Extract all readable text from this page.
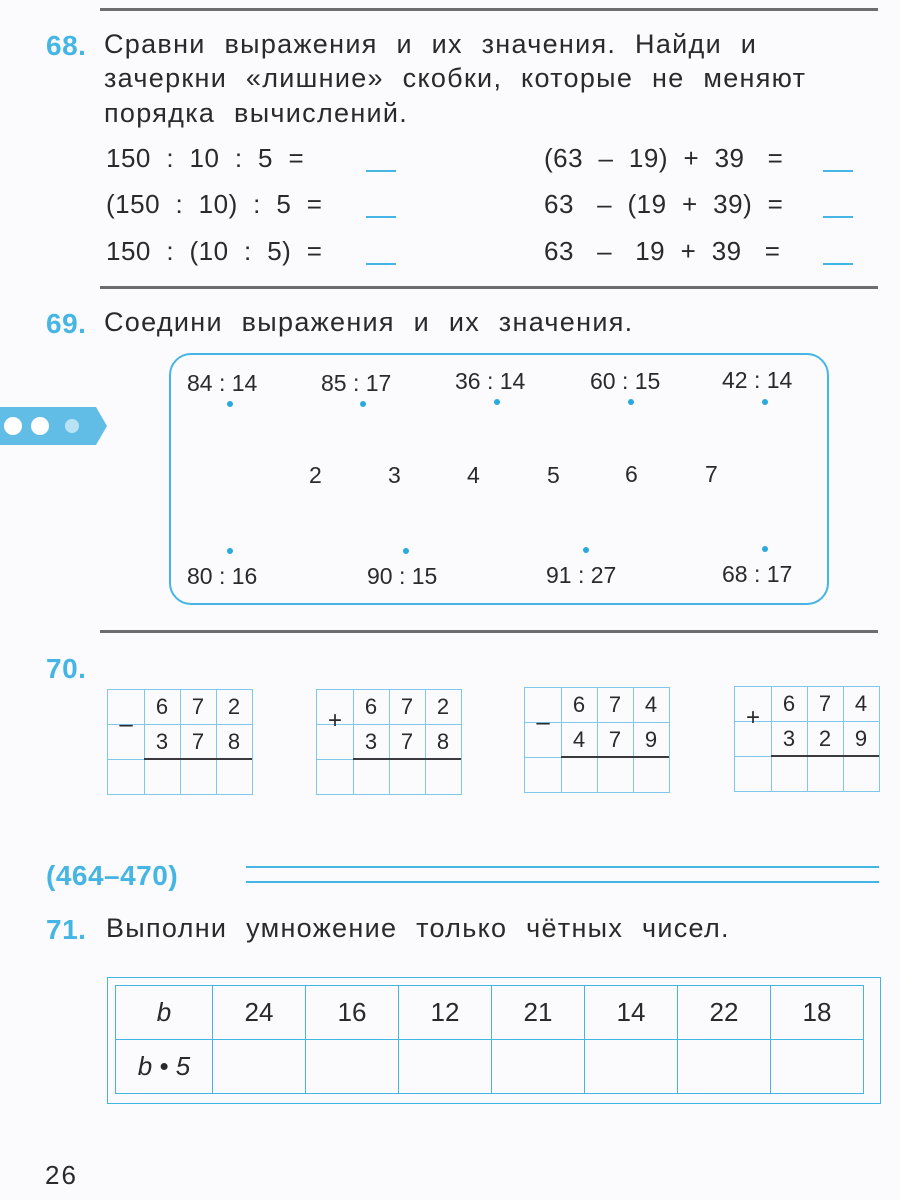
68. Сравни выражения и их значения. Найди и
зачеркни «лишние» скобки, которые не меняют
порядка вычислений.
150  :  10  :  5  =
(150  :  10)  :  5  =
150  :  (10  :  5)  =
(63  –  19)  +  39   =
63   –  (19  +  39)  =
63   –   19  +  39   =
69. Соедини выражения и их значения.
84 : 14	85 : 17	36 : 14	60 : 15	42 : 14
2	3	4	5	6	7
80 : 16	90 : 15	91 : 27	68 : 17
70.
–
6	7	2
3	7	8
+
6	7	2
3	7	8
–
6	7	4
4	7	9
+
6	7	4
3	2	9
(464–470)
71. Выполни умножение только чётных чисел.
b	24	16	12	21	14	22	18
b • 5							
26
